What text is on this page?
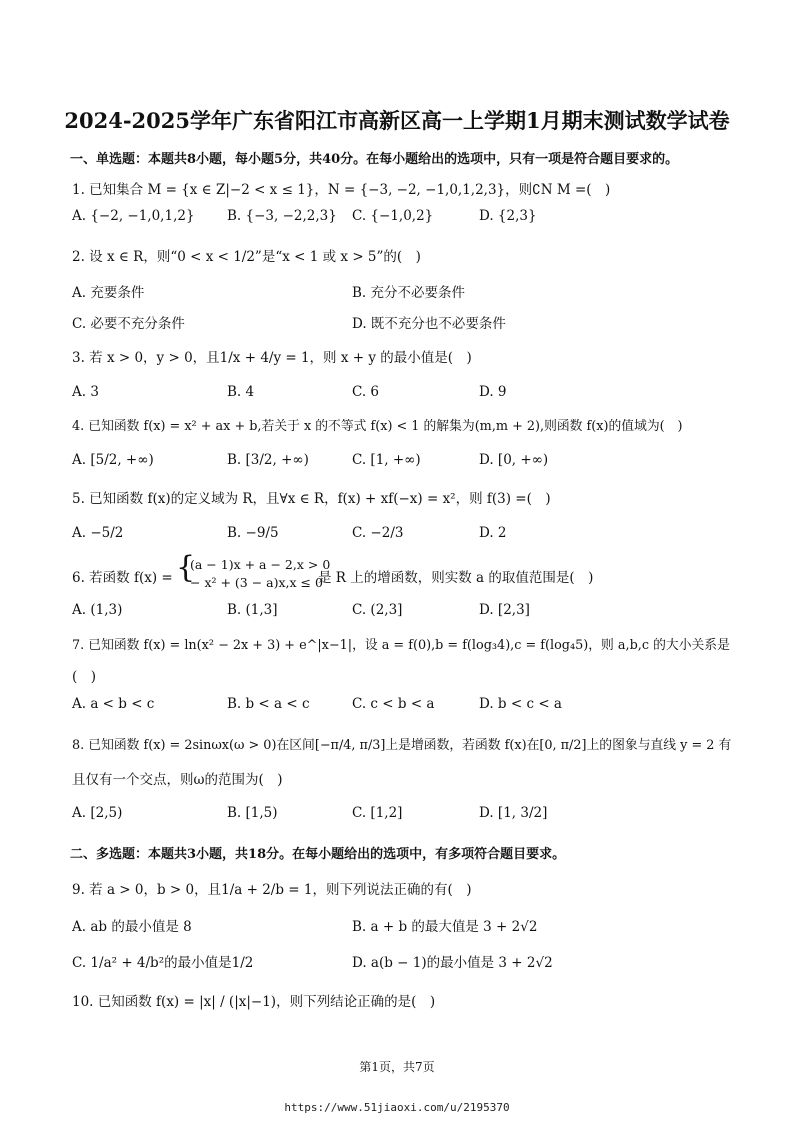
2024-2025学年广东省阳江市高新区高一上学期1月期末测试数学试卷
一、单选题：本题共8小题，每小题5分，共40分。在每小题给出的选项中，只有一项是符合题目要求的。
1. 已知集合 M = {x ∈ Z|−2 < x ≤ 1}，N = {−3, −2, −1,0,1,2,3}，则∁N M =(　)
A. {−2, −1,0,1,2} B. {−3, −2,2,3} C. {−1,0,2}	D. {2,3}
2. 设 x ∈ R，则“0 < x < 1/2”是“x < 1 或 x > 5”的(　)
A. 充要条件	B. 充分不必要条件
C. 必要不充分条件	D. 既不充分也不必要条件
3. 若 x > 0，y > 0，且1/x + 4/y = 1，则 x + y 的最小值是(　)
A. 3	B. 4	C. 6	D. 9
4. 已知函数 f(x) = x² + ax + b,若关于 x 的不等式 f(x) < 1 的解集为(m,m + 2),则函数 f(x)的值域为(　)
A. [5/2, +∞)	B. [3/2, +∞)	C. [1, +∞)	D. [0, +∞)
5. 已知函数 f(x)的定义域为 R，且∀x ∈ R，f(x) + xf(−x) = x²，则 f(3) =(　)
A. −5/2	B. −9/5	C. −2/3	D. 2
6. 若函数 f(x) = {
(a − 1)x + a − 2,x > 0
− x² + (3 − a)x,x ≤ 0
是 R 上的增函数，则实数 a 的取值范围是(　)
A. (1,3)	B. (1,3]	C. (2,3]	D. [2,3]
7. 已知函数 f(x) = ln(x² − 2x + 3) + e^|x−1|，设 a = f(0),b = f(log₃4),c = f(log₄5)，则 a,b,c 的大小关系是
(　)
A. a < b < c	B. b < a < c	C. c < b < a	D. b < c < a
8. 已知函数 f(x) = 2sinωx(ω > 0)在区间[−π/4, π/3]上是增函数，若函数 f(x)在[0, π/2]上的图象与直线 y = 2 有
且仅有一个交点，则ω的范围为(　)
A. [2,5)	B. [1,5)	C. [1,2]	D. [1, 3/2]
二、多选题：本题共3小题，共18分。在每小题给出的选项中，有多项符合题目要求。
9. 若 a > 0，b > 0，且1/a + 2/b = 1，则下列说法正确的有(　)
A. ab 的最小值是 8	B. a + b 的最大值是 3 + 2√2
C. 1/a² + 4/b²的最小值是1/2	D. a(b − 1)的最小值是 3 + 2√2
10. 已知函数 f(x) = |x| / (|x|−1)，则下列结论正确的是(　)
第1页，共7页
https://www.51jiaoxi.com/u/2195370
